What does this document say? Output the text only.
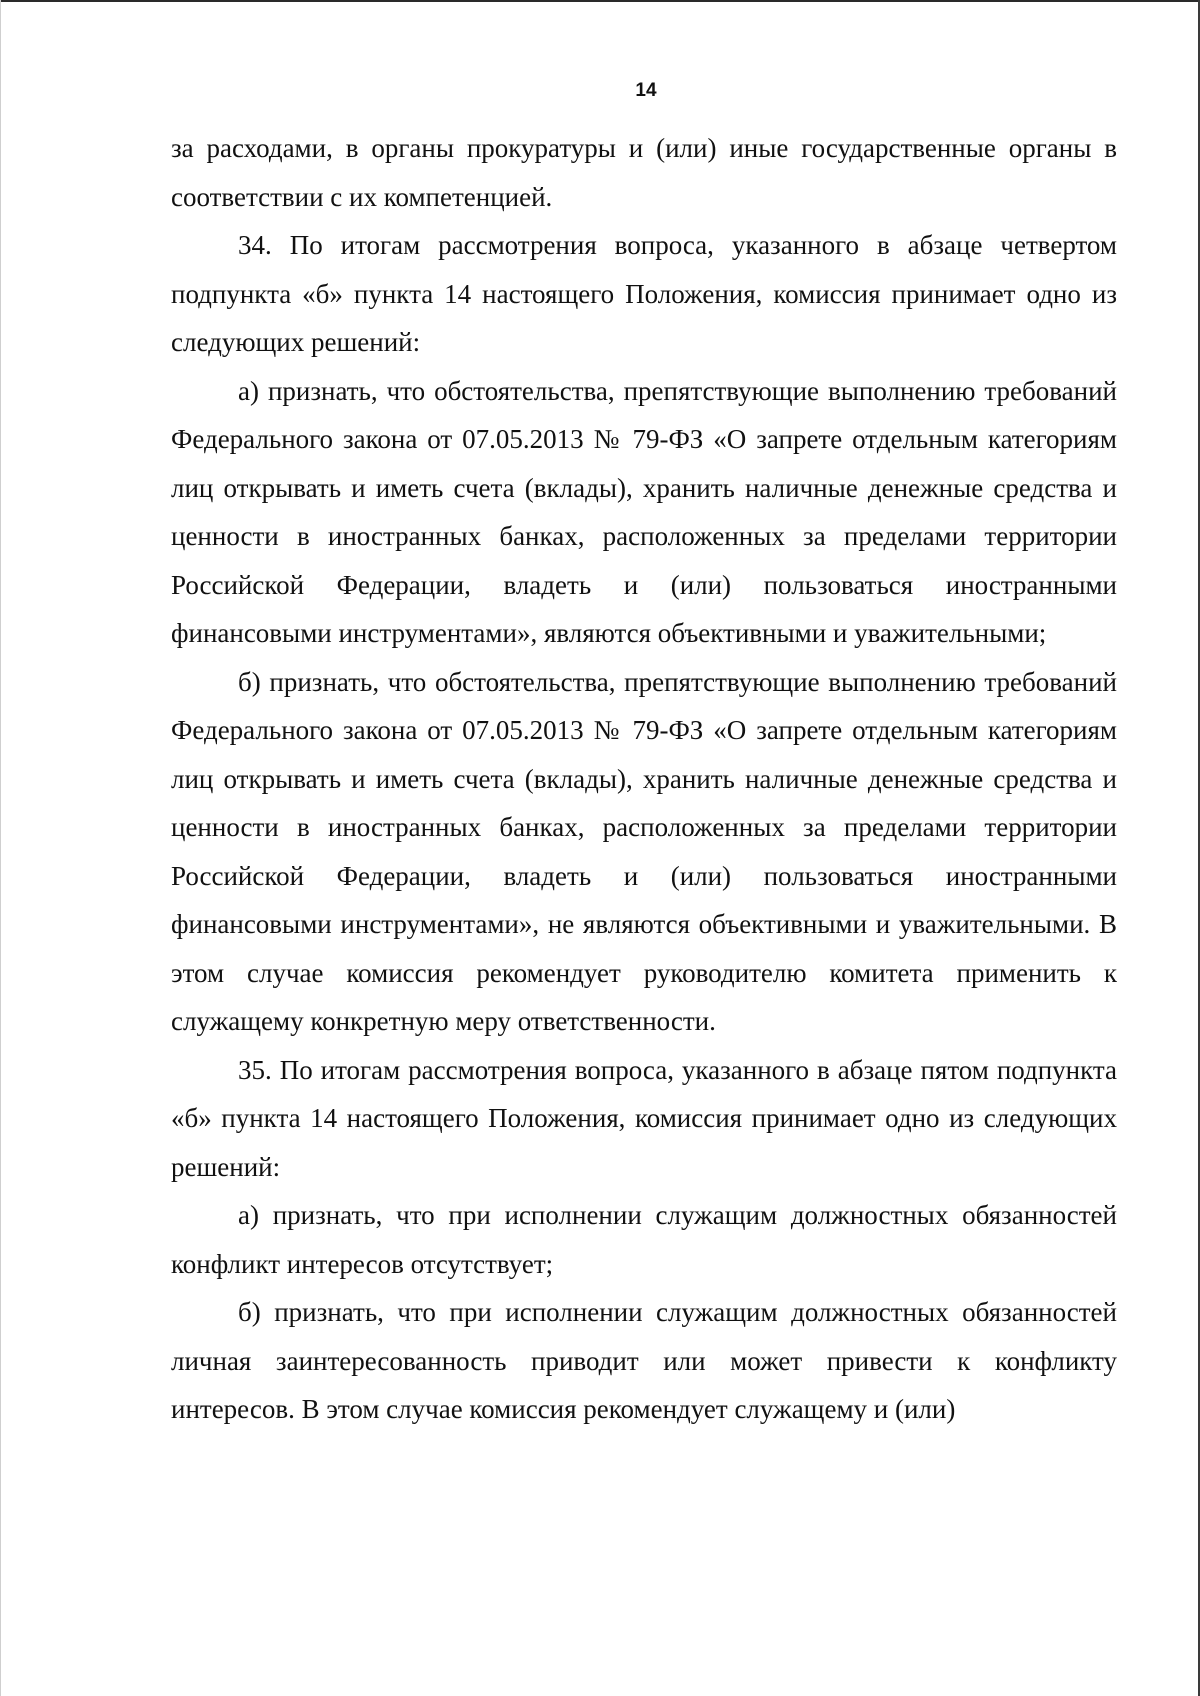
14

за расходами, в органы прокуратуры и (или) иные государственные органы в соответствии с их компетенцией.

34. По итогам рассмотрения вопроса, указанного в абзаце четвертом подпункта «б» пункта 14 настоящего Положения, комиссия принимает одно из следующих решений:

а) признать, что обстоятельства, препятствующие выполнению требований Федерального закона от 07.05.2013 № 79-ФЗ «О запрете отдельным категориям лиц открывать и иметь счета (вклады), хранить наличные денежные средства и ценности в иностранных банках, расположенных за пределами территории Российской Федерации, владеть и (или) пользоваться иностранными финансовыми инструментами», являются объективными и уважительными;

б) признать, что обстоятельства, препятствующие выполнению требований Федерального закона от 07.05.2013 № 79-ФЗ «О запрете отдельным категориям лиц открывать и иметь счета (вклады), хранить наличные денежные средства и ценности в иностранных банках, расположенных за пределами территории Российской Федерации, владеть и (или) пользоваться иностранными финансовыми инструментами», не являются объективными и уважительными. В этом случае комиссия рекомендует руководителю комитета применить к служащему конкретную меру ответственности.

35. По итогам рассмотрения вопроса, указанного в абзаце пятом подпункта «б» пункта 14 настоящего Положения, комиссия принимает одно из следующих решений:

а) признать, что при исполнении служащим должностных обязанностей конфликт интересов отсутствует;

б) признать, что при исполнении служащим должностных обязанностей личная заинтересованность приводит или может привести к конфликту интересов. В этом случае комиссия рекомендует служащему и (или)
